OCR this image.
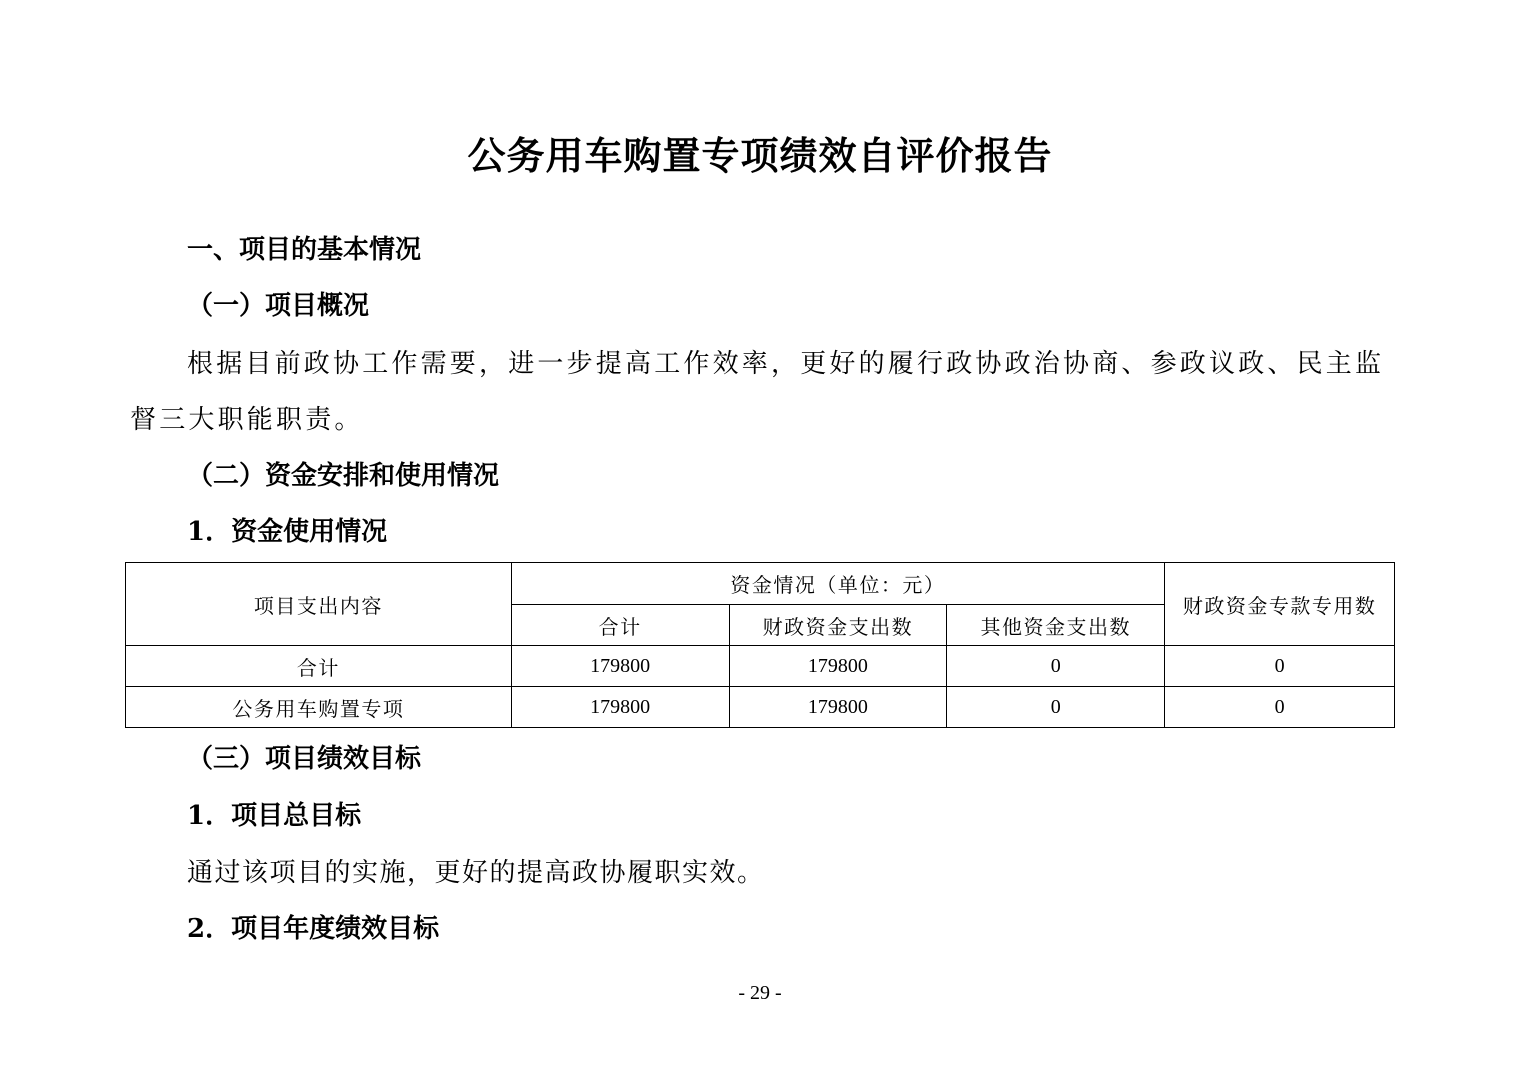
公务用车购置专项绩效自评价报告
一、项目的基本情况
（一）项目概况
根据目前政协工作需要，进一步提高工作效率，更好的履行政协政治协商、参政议政、民主监
督三大职能职责。
（二）资金安排和使用情况
1．资金使用情况
项目支出内容	资金情况（单位：元）			财政资金专款专用数
	合计	财政资金支出数	其他资金支出数	
合计	179800	179800	0	0
公务用车购置专项	179800	179800	0	0
（三）项目绩效目标
1．项目总目标
通过该项目的实施，更好的提高政协履职实效。
2．项目年度绩效目标
- 29 -
